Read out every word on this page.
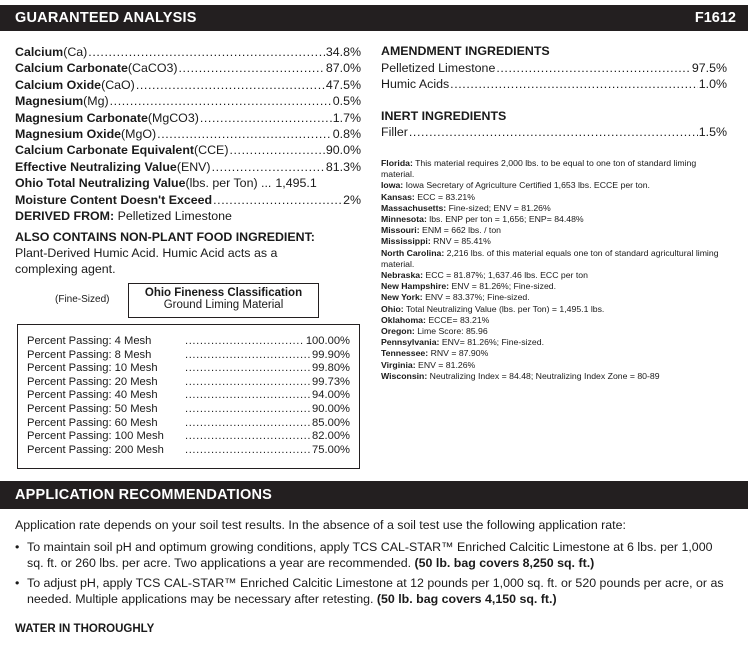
GUARANTEED ANALYSIS	F1612
Calcium (Ca) .....	34.8%
Calcium Carbonate (CaCO3) .....	87.0%
Calcium Oxide (CaO) .....	47.5%
Magnesium (Mg) .....	0.5%
Magnesium Carbonate (MgCO3) .....	1.7%
Magnesium Oxide (MgO) .....	0.8%
Calcium Carbonate Equivalent (CCE) .....	90.0%
Effective Neutralizing Value (ENV) .....	81.3%
Ohio Total Neutralizing Value (lbs. per Ton) ... 1,495.1
Moisture Content Doesn't Exceed .....	2%
DERIVED FROM: Pelletized Limestone
ALSO CONTAINS NON-PLANT FOOD INGREDIENT:
Plant-Derived Humic Acid. Humic Acid acts as a complexing agent.
(Fine-Sized)
Ohio Fineness Classification
Ground Liming Material
Percent Passing: 4 Mesh .....	100.00%
Percent Passing: 8 Mesh .....	99.90%
Percent Passing: 10 Mesh .....	99.80%
Percent Passing: 20 Mesh .....	99.73%
Percent Passing: 40 Mesh .....	94.00%
Percent Passing: 50 Mesh .....	90.00%
Percent Passing: 60 Mesh .....	85.00%
Percent Passing: 100 Mesh .....	82.00%
Percent Passing: 200 Mesh .....	75.00%
AMENDMENT INGREDIENTS
Pelletized Limestone .....	97.5%
Humic Acids .....	1.0%
INERT INGREDIENTS
Filler .....	1.5%
Florida: This material requires 2,000 lbs. to be equal to one ton of standard liming material.
Iowa: Iowa Secretary of Agriculture Certified 1,653 lbs. ECCE per ton.
Kansas: ECC = 83.21%
Massachusetts: Fine-sized; ENV = 81.26%
Minnesota: lbs. ENP per ton = 1,656; ENP= 84.48%
Missouri: ENM = 662 lbs. / ton
Mississippi: RNV = 85.41%
North Carolina: 2,216 lbs. of this material equals one ton of standard agricultural liming material.
Nebraska: ECC = 81.87%; 1,637.46 lbs. ECC per ton
New Hampshire: ENV = 81.26%; Fine-sized.
New York: ENV = 83.37%; Fine-sized.
Ohio: Total Neutralizing Value (lbs. per Ton) = 1,495.1 lbs.
Oklahoma: ECCE= 83.21%
Oregon: Lime Score: 85.96
Pennsylvania: ENV= 81.26%; Fine-sized.
Tennessee: RNV = 87.90%
Virginia: ENV = 81.26%
Wisconsin: Neutralizing Index = 84.48; Neutralizing Index Zone = 80-89
APPLICATION RECOMMENDATIONS
Application rate depends on your soil test results. In the absence of a soil test use the following application rate:
• To maintain soil pH and optimum growing conditions, apply TCS CAL-STAR™ Enriched Calcitic Limestone at 6 lbs. per 1,000 sq. ft. or 260 lbs. per acre. Two applications a year are recommended. (50 lb. bag covers 8,250 sq. ft.)
• To adjust pH, apply TCS CAL-STAR™ Enriched Calcitic Limestone at 12 pounds per 1,000 sq. ft. or 520 pounds per acre, or as needed. Multiple applications may be necessary after retesting. (50 lb. bag covers 4,150 sq. ft.)
WATER IN THOROUGHLY
